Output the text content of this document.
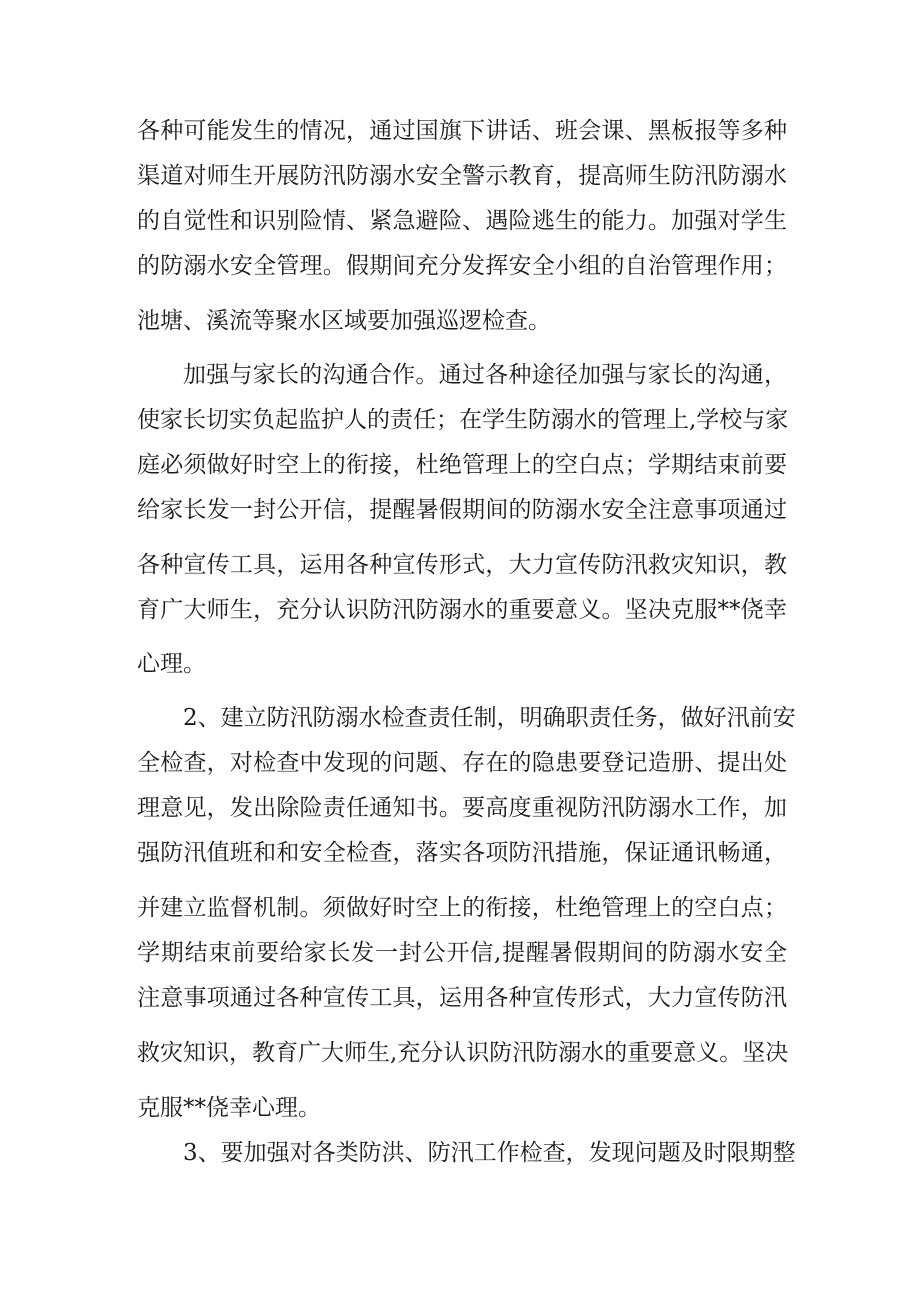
各种可能发生的情况，通过国旗下讲话、班会课、黑板报等多种
渠道对师生开展防汛防溺水安全警示教育，提高师生防汛防溺水
的自觉性和识别险情、紧急避险、遇险逃生的能力。加强对学生
的防溺水安全管理。假期间充分发挥安全小组的自治管理作用；
池塘、溪流等聚水区域要加强巡逻检查。
加强与家长的沟通合作。通过各种途径加强与家长的沟通，
使家长切实负起监护人的责任；在学生防溺水的管理上,学校与家
庭必须做好时空上的衔接，杜绝管理上的空白点；学期结束前要
给家长发一封公开信，提醒暑假期间的防溺水安全注意事项通过
各种宣传工具，运用各种宣传形式，大力宣传防汛救灾知识，教
育广大师生，充分认识防汛防溺水的重要意义。坚决克服**侥幸
心理。
2、建立防汛防溺水检查责任制，明确职责任务，做好汛前安
全检查，对检查中发现的问题、存在的隐患要登记造册、提出处
理意见，发出除险责任通知书。要高度重视防汛防溺水工作，加
强防汛值班和和安全检查，落实各项防汛措施，保证通讯畅通，
并建立监督机制。须做好时空上的衔接，杜绝管理上的空白点；
学期结束前要给家长发一封公开信,提醒暑假期间的防溺水安全
注意事项通过各种宣传工具，运用各种宣传形式，大力宣传防汛
救灾知识，教育广大师生,充分认识防汛防溺水的重要意义。坚决
克服**侥幸心理。
3、要加强对各类防洪、防汛工作检查，发现问题及时限期整
